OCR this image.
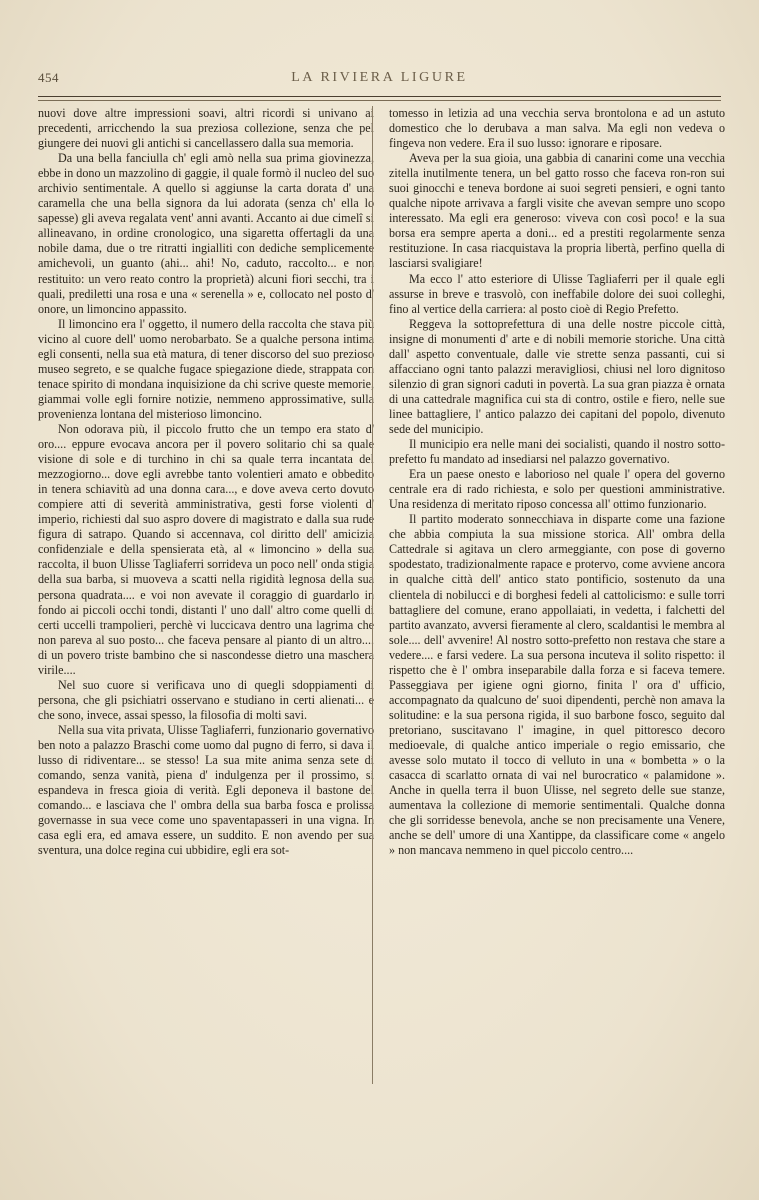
454	LA RIVIERA LIGURE

nuovi dove altre impressioni soavi, altri ricordi si univano ai precedenti, arricchendo la sua preziosa collezione, senza che pel giungere dei nuovi gli antichi si cancellassero dalla sua memoria.

Da una bella fanciulla ch' egli amò nella sua prima giovinezza, ebbe in dono un mazzolino di gaggie, il quale formò il nucleo del suo archivio sentimentale. A quello si aggiunse la carta dorata d' una caramella che una bella signora da lui adorata (senza ch' ella lo sapesse) gli aveva regalata vent' anni avanti. Accanto ai due cimelî si allineavano, in ordine cronologico, una sigaretta offertagli da una nobile dama, due o tre ritratti ingialliti con dediche semplicemente amichevoli, un guanto (ahi... ahi! No, caduto, raccolto... e non restituito: un vero reato contro la proprietà) alcuni fiori secchi, tra i quali, prediletti una rosa e una « serenella » e, collocato nel posto d' onore, un limoncino appassito.

Il limoncino era l' oggetto, il numero della raccolta che stava più vicino al cuore dell' uomo nerobarbato. Se a qualche persona intima egli consenti, nella sua età matura, di tener discorso del suo prezioso museo segreto, e se qualche fugace spiegazione diede, strappata con tenace spirito di mondana inquisizione da chi scrive queste memorie, giammai volle egli fornire notizie, nemmeno approssimative, sulla provenienza lontana del misterioso limoncino.

Non odorava più, il piccolo frutto che un tempo era stato d' oro.... eppure evocava ancora per il povero solitario chi sa quale visione di sole e di turchino in chi sa quale terra incantata del mezzogiorno... dove egli avrebbe tanto volentieri amato e obbedito in tenera schiavitù ad una donna cara..., e dove aveva certo dovuto compiere atti di severità amministrativa, gesti forse violenti d' imperio, richiesti dal suo aspro dovere di magistrato e dalla sua rude figura di satrapo. Quando si accennava, col diritto dell' amicizia confidenziale e della spensierata età, al « limoncino » della sua raccolta, il buon Ulisse Tagliaferri sorrideva un poco nell' onda stigia della sua barba, si muoveva a scatti nella rigidità legnosa della sua persona quadrata.... e voi non avevate il coraggio di guardarlo in fondo ai piccoli occhi tondi, distanti l' uno dall' altro come quelli di certi uccelli trampolieri, perchè vi luccicava dentro una lagrima che non pareva al suo posto... che faceva pensare al pianto di un altro.... di un povero triste bambino che si nascondesse dietro una maschera virile....

Nel suo cuore si verificava uno di quegli sdoppiamenti di persona, che gli psichiatri osservano e studiano in certi alienati... e che sono, invece, assai spesso, la filosofia di molti savi.

Nella sua vita privata, Ulisse Tagliaferri, funzionario governativo ben noto a palazzo Braschi come uomo dal pugno di ferro, si dava il lusso di ridiventare... se stesso! La sua mite anima senza sete di comando, senza vanità, piena d' indulgenza per il prossimo, si espandeva in fresca gioia di verità. Egli deponeva il bastone del comando... e lasciava che l' ombra della sua barba fosca e prolissa governasse in sua vece come uno spaventapasseri in una vigna. In casa egli era, ed amava essere, un suddito. E non avendo per sua sventura, una dolce regina cui ubbidire, egli era sot-

tomesso in letizia ad una vecchia serva brontolona e ad un astuto domestico che lo derubava a man salva. Ma egli non vedeva o fingeva non vedere. Era il suo lusso: ignorare e riposare.

Aveva per la sua gioia, una gabbia di canarini come una vecchia zitella inutilmente tenera, un bel gatto rosso che faceva ron-ron sui suoi ginocchi e teneva bordone ai suoi segreti pensieri, e ogni tanto qualche nipote arrivava a fargli visite che avevan sempre uno scopo interessato. Ma egli era generoso: viveva con così poco! e la sua borsa era sempre aperta a doni... ed a prestiti regolarmente senza restituzione. In casa riacquistava la propria libertà, perfino quella di lasciarsi svaligiare!

Ma ecco l' atto esteriore di Ulisse Tagliaferri per il quale egli assurse in breve e trasvolò, con ineffabile dolore dei suoi colleghi, fino al vertice della carriera: al posto cioè di Regio Prefetto.

Reggeva la sottoprefettura di una delle nostre piccole città, insigne di monumenti d' arte e di nobili memorie storiche. Una città dall' aspetto conventuale, dalle vie strette senza passanti, cui si affacciano ogni tanto palazzi meravigliosi, chiusi nel loro dignitoso silenzio di gran signori caduti in povertà. La sua gran piazza è ornata di una cattedrale magnifica cui sta di contro, ostile e fiero, nelle sue linee battagliere, l' antico palazzo dei capitani del popolo, divenuto sede del municipio.

Il municipio era nelle mani dei socialisti, quando il nostro sotto-prefetto fu mandato ad insediarsi nel palazzo governativo.

Era un paese onesto e laborioso nel quale l' opera del governo centrale era di rado richiesta, e solo per questioni amministrative. Una residenza di meritato riposo concessa all' ottimo funzionario.

Il partito moderato sonnecchiava in disparte come una fazione che abbia compiuta la sua missione storica. All' ombra della Cattedrale si agitava un clero armeggiante, con pose di governo spodestato, tradizionalmente rapace e protervo, come avviene ancora in qualche città dell' antico stato pontificio, sostenuto da una clientela di nobilucci e di borghesi fedeli al cattolicismo: e sulle torri battagliere del comune, erano appollaiati, in vedetta, i falchetti del partito avanzato, avversi fieramente al clero, scaldantisi le membra al sole.... dell' avvenire! Al nostro sotto-prefetto non restava che stare a vedere.... e farsi vedere. La sua persona incuteva il solito rispetto: il rispetto che è l' ombra inseparabile dalla forza e si faceva temere. Passeggiava per igiene ogni giorno, finita l' ora d' ufficio, accompagnato da qualcuno de' suoi dipendenti, perchè non amava la solitudine: e la sua persona rigida, il suo barbone fosco, seguito dal pretoriano, suscitavano l' imagine, in quel pittoresco decoro medioevale, di qualche antico imperiale o regio emissario, che avesse solo mutato il tocco di velluto in una « bombetta » o la casacca di scarlatto ornata di vai nel burocratico « palamidone ». Anche in quella terra il buon Ulisse, nel segreto delle sue stanze, aumentava la collezione di memorie sentimentali. Qualche donna che gli sorridesse benevola, anche se non precisamente una Venere, anche se dell' umore di una Xantippe, da classificare come « angelo » non mancava nemmeno in quel piccolo centro....
